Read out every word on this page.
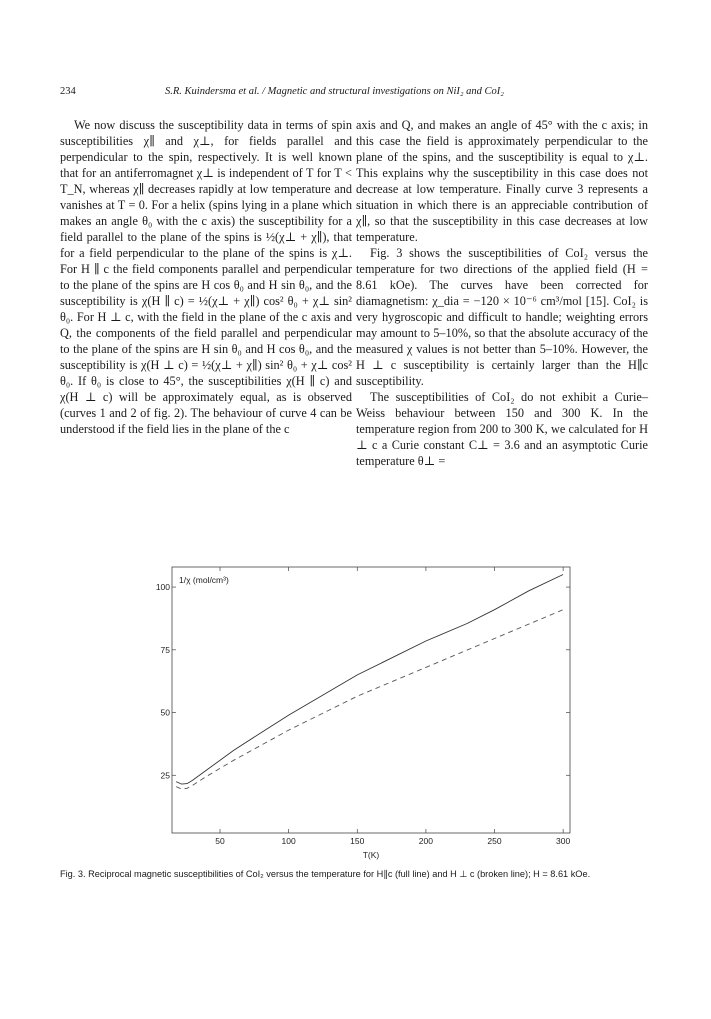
234	S.R. Kuindersma et al. / Magnetic and structural investigations on NiI₂ and CoI₂

We now discuss the susceptibility data in terms of spin susceptibilities χ∥ and χ⊥, for fields parallel and perpendicular to the spin, respectively. It is well known that for an antiferromagnet χ⊥ is independent of T for T < T_N, whereas χ∥ decreases rapidly at low temperature and vanishes at T = 0. For a helix (spins lying in a plane which makes an angle θ₀ with the c axis) the susceptibility for a field parallel to the plane of the spins is ½(χ⊥ + χ∥), that for a field perpendicular to the plane of the spins is χ⊥. For H ∥ c the field components parallel and perpendicular to the plane of the spins are H cos θ₀ and H sin θ₀, and the susceptibility is χ(H ∥ c) = ½(χ⊥ + χ∥) cos² θ₀ + χ⊥ sin² θ₀. For H ⊥ c, with the field in the plane of the c axis and Q, the components of the field parallel and perpendicular to the plane of the spins are H sin θ₀ and H cos θ₀, and the susceptibility is χ(H ⊥ c) = ½(χ⊥ + χ∥) sin² θ₀ + χ⊥ cos² θ₀. If θ₀ is close to 45°, the susceptibilities χ(H ∥ c) and χ(H ⊥ c) will be approximately equal, as is observed (curves 1 and 2 of fig. 2). The behaviour of curve 4 can be understood if the field lies in the plane of the c

axis and Q, and makes an angle of 45° with the c axis; in this case the field is approximately perpendicular to the plane of the spins, and the susceptibility is equal to χ⊥. This explains why the susceptibility in this case does not decrease at low temperature. Finally curve 3 represents a situation in which there is an appreciable contribution of χ∥, so that the susceptibility in this case decreases at low temperature.

Fig. 3 shows the susceptibilities of CoI₂ versus the temperature for two directions of the applied field (H = 8.61 kOe). The curves have been corrected for diamagnetism: χ_dia = −120 × 10⁻⁶ cm³/mol [15]. CoI₂ is very hygroscopic and difficult to handle; weighting errors may amount to 5–10%, so that the absolute accuracy of the measured χ values is not better than 5–10%. However, the H ⊥ c susceptibility is certainly larger than the H∥c susceptibility.

The susceptibilities of CoI₂ do not exhibit a Curie–Weiss behaviour between 150 and 300 K. In the temperature region from 200 to 300 K, we calculated for H ⊥ c a Curie constant C⊥ = 3.6 and an asymptotic Curie temperature θ⊥ =

50	100	150	200	250	300
25
50
75
100
1/χ (mol/cm³)
T(K)
Fig. 3. Reciprocal magnetic susceptibilities of CoI₂ versus the temperature for H∥c (full line) and H ⊥ c (broken line); H = 8.61 kOe.
